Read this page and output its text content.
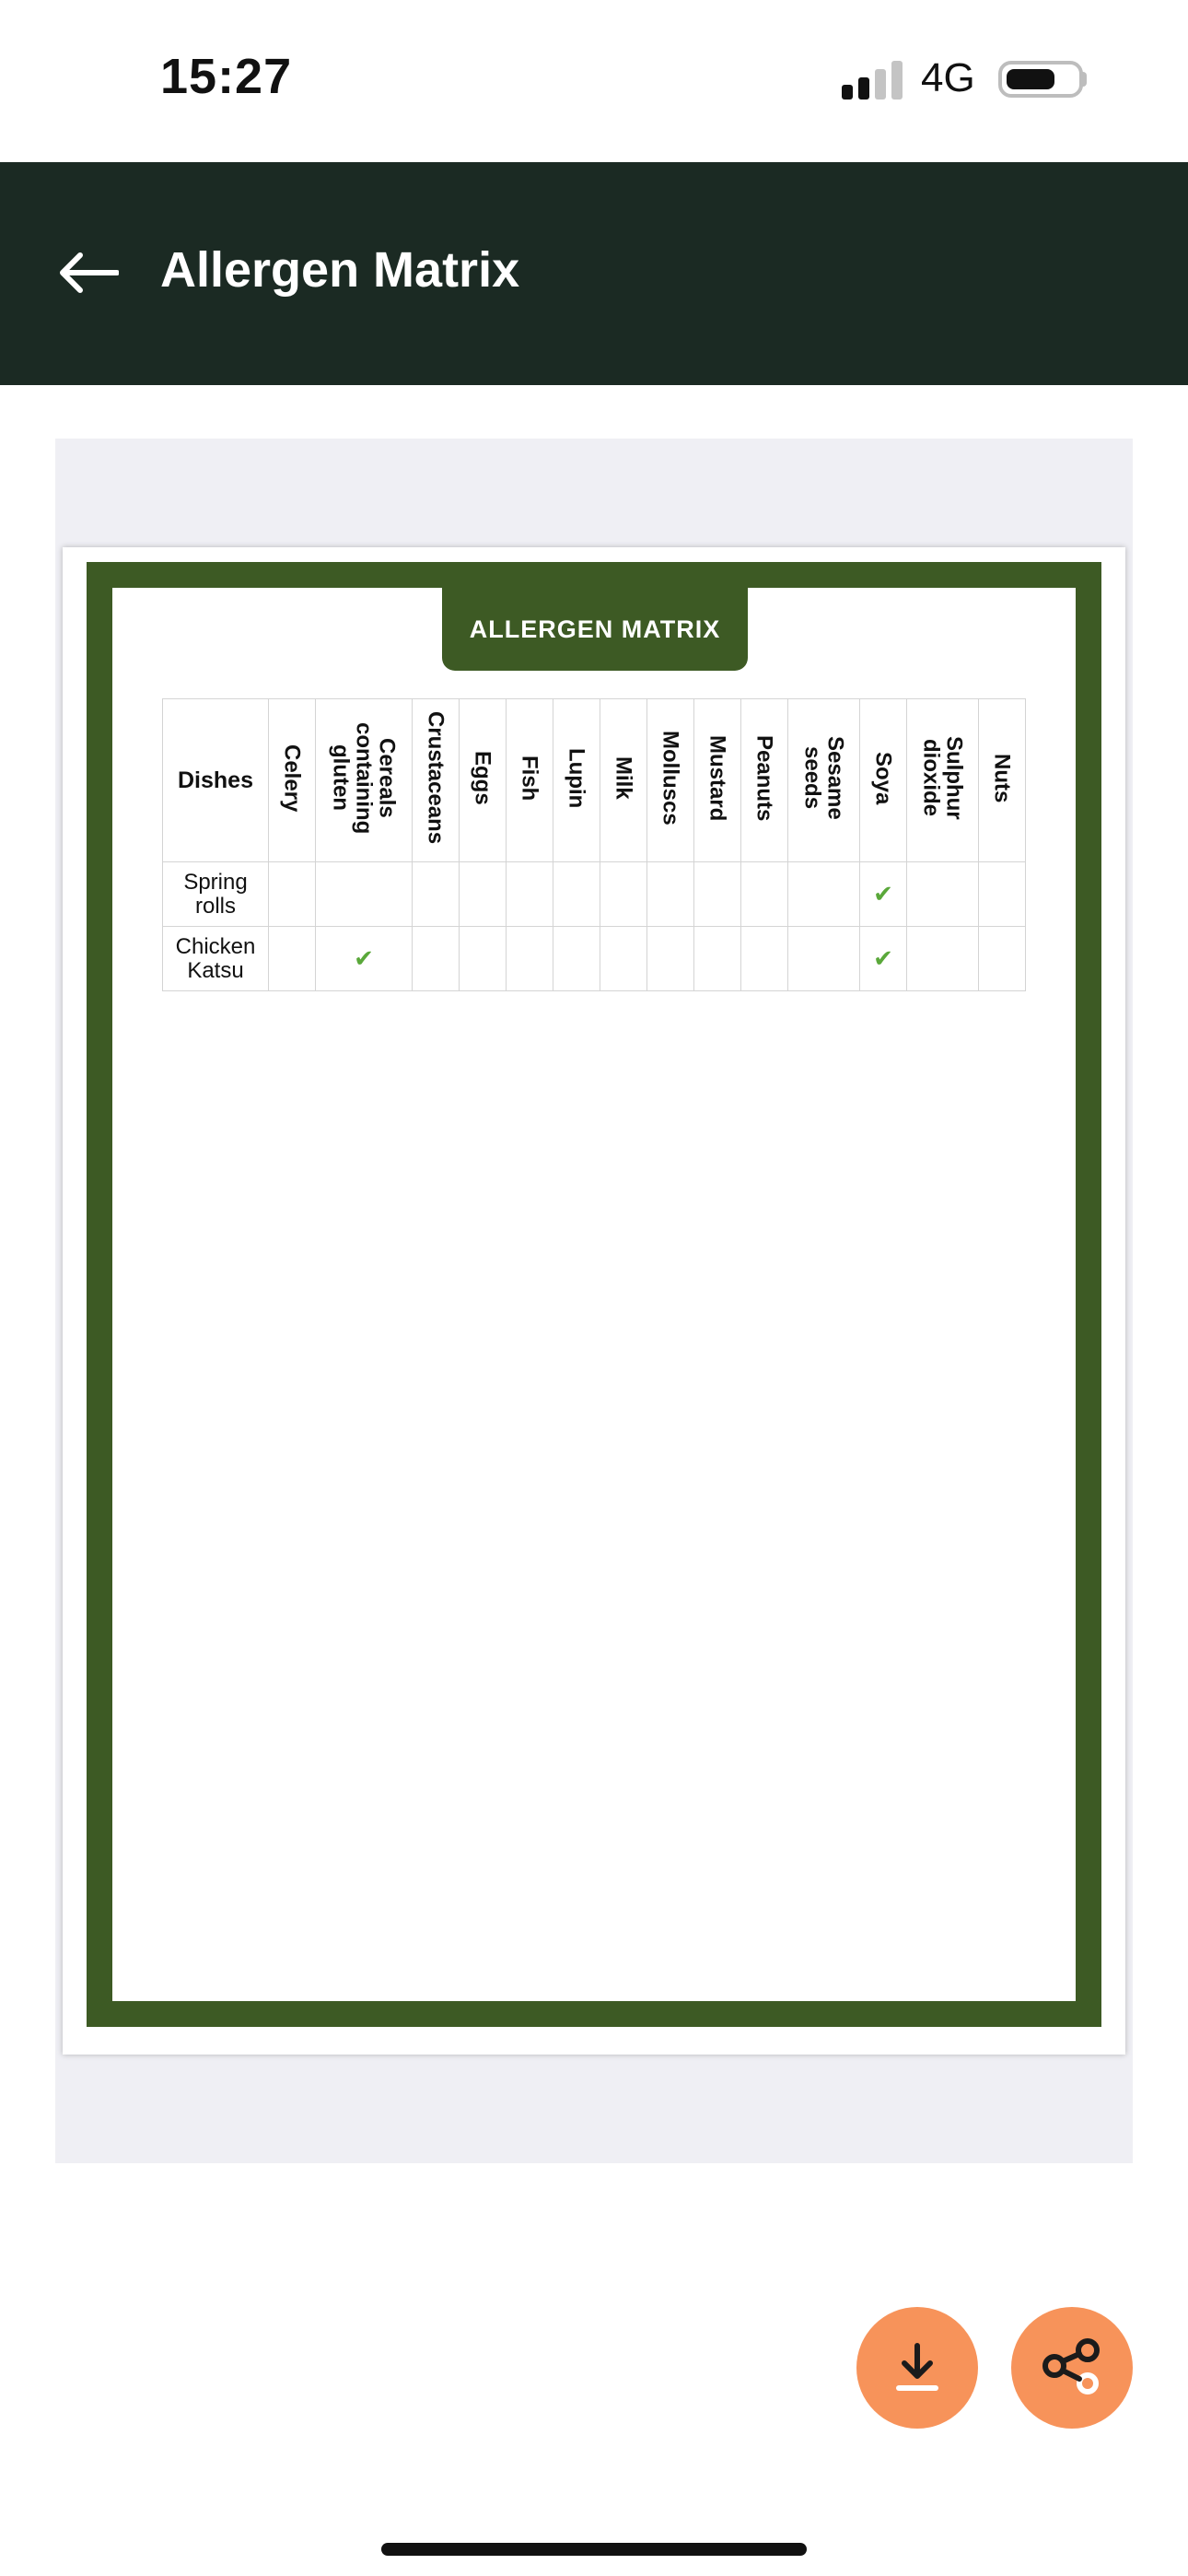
15:27	4G
Allergen Matrix
ALLERGEN MATRIX
Dishes	Celery	Cereals
containing
gluten	Crustaceans	Eggs	Fish	Lupin	Milk	Molluscs	Mustard	Peanuts	Sesame
seeds	Soya	Sulphur
dioxide	Nuts
Spring rolls												✔		
Chicken Katsu		✔										✔		
